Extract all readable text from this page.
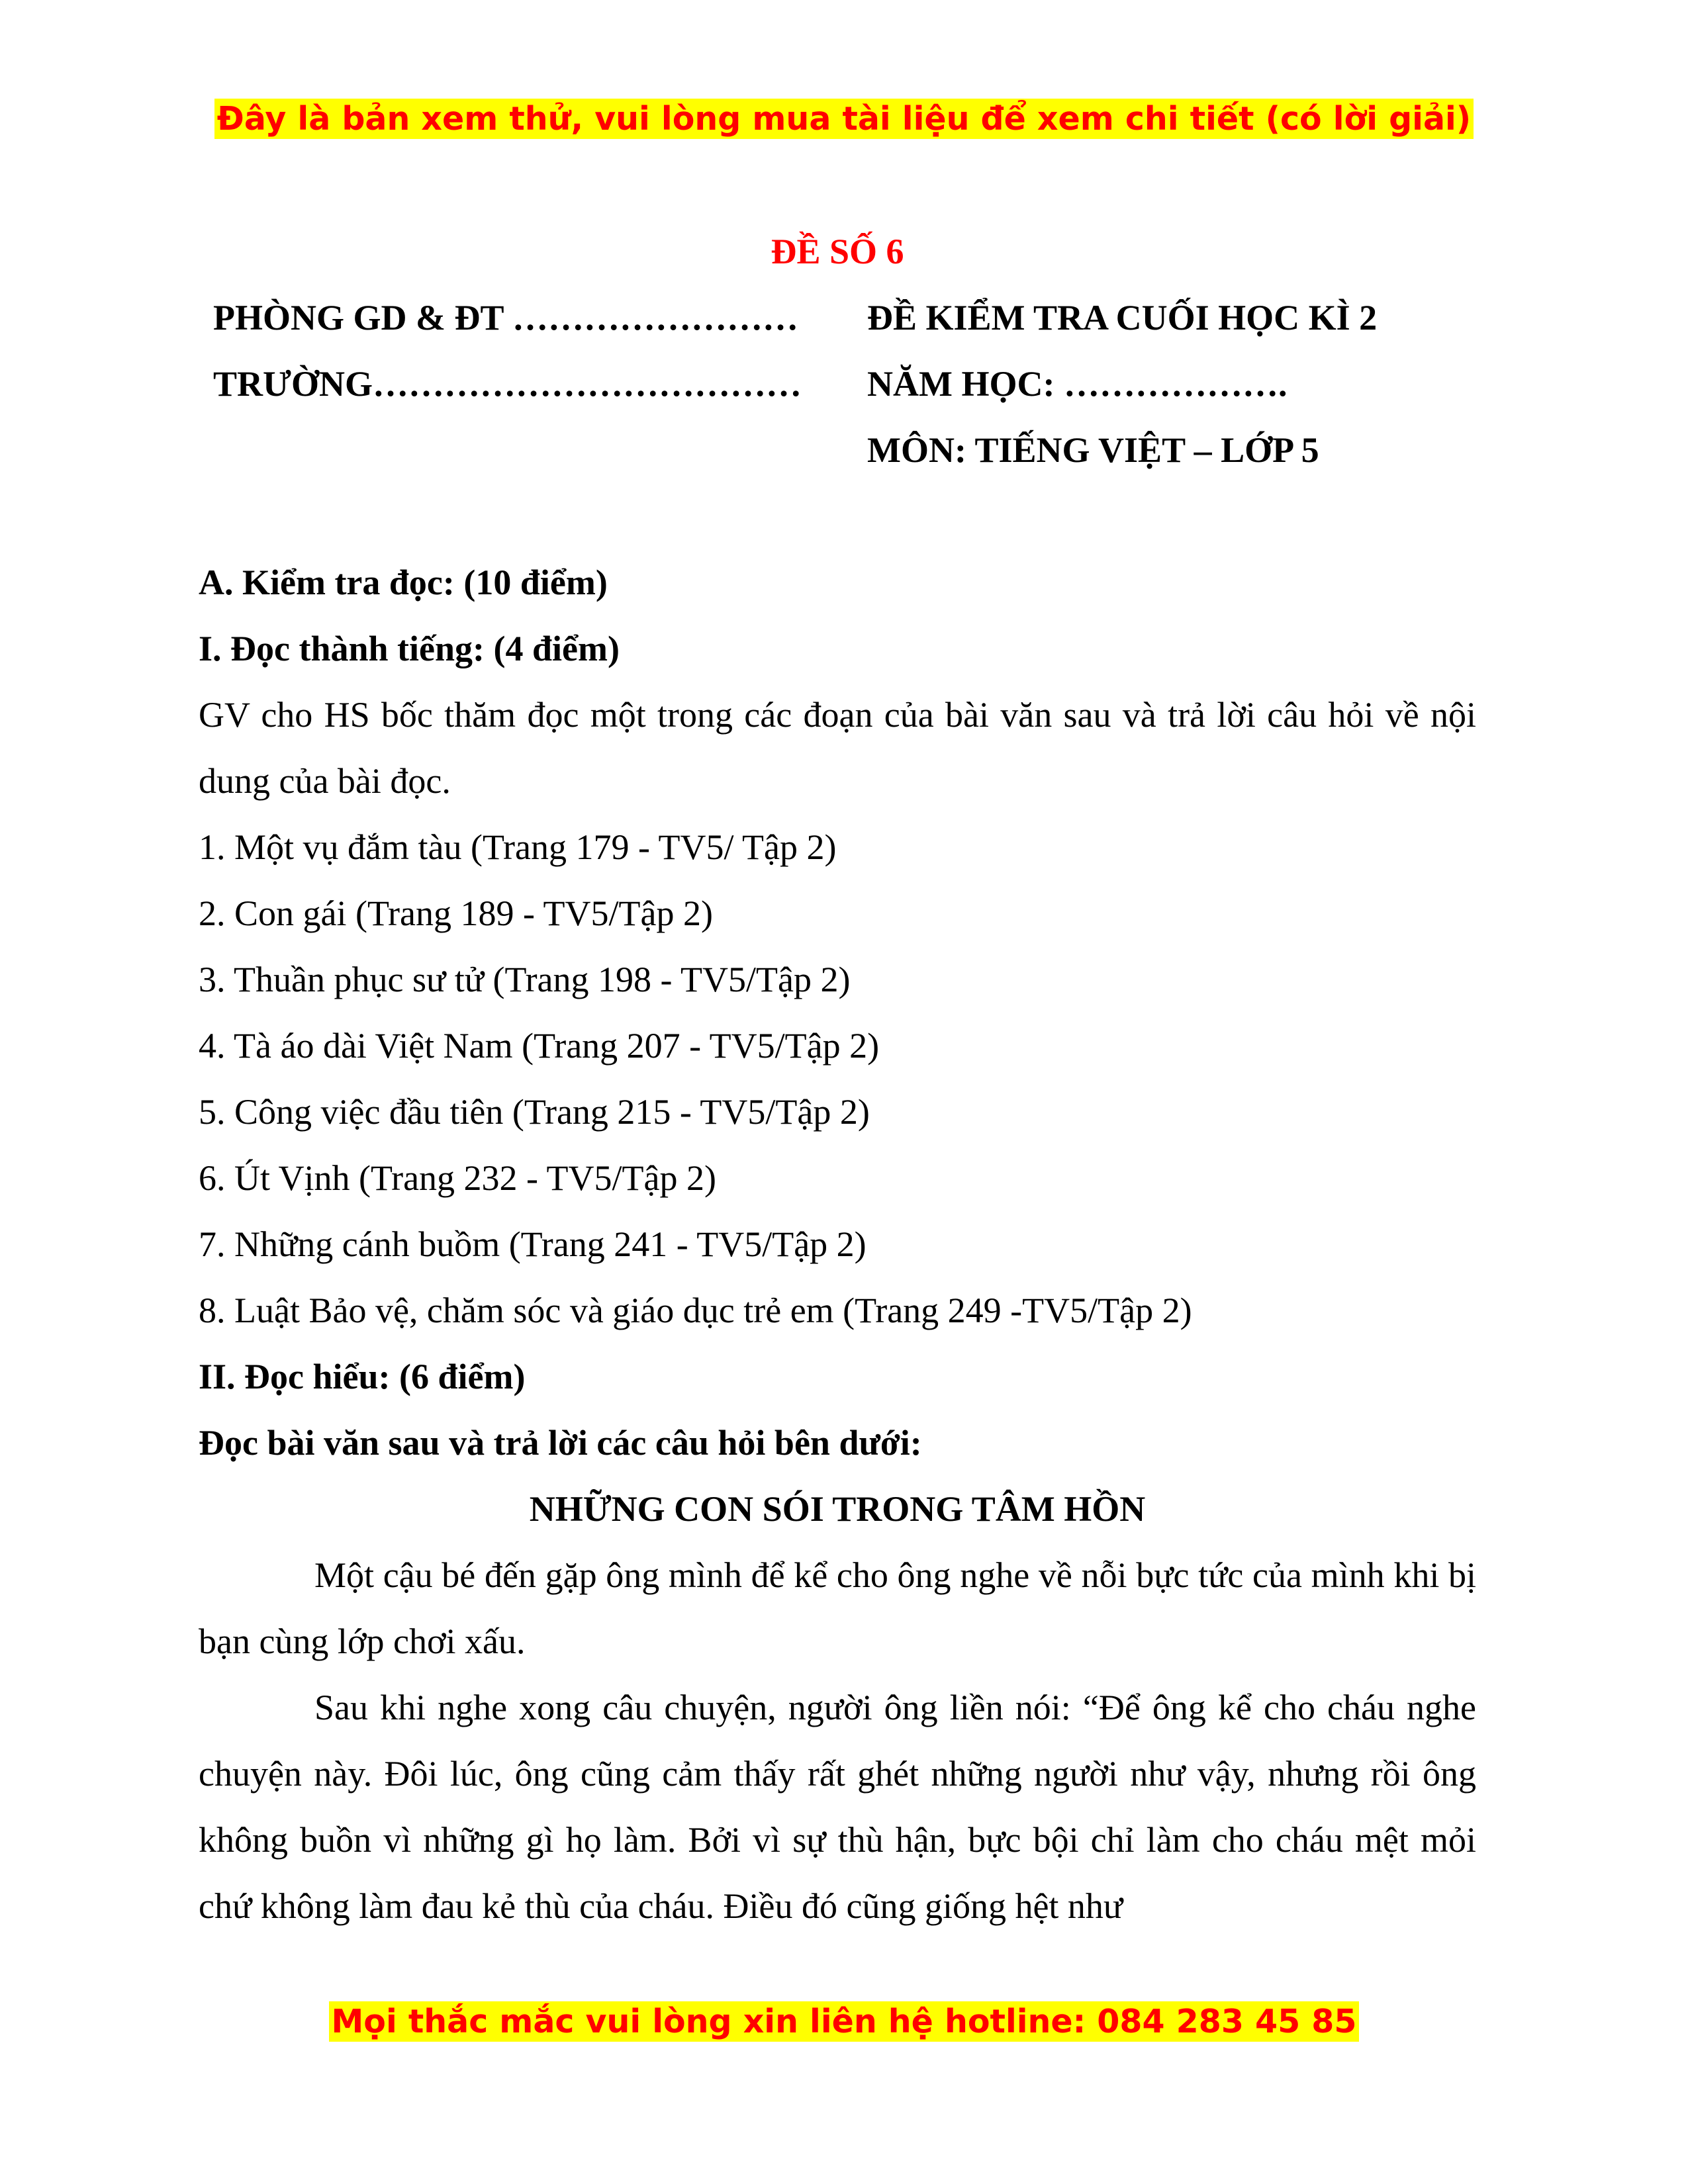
Đây là bản xem thử, vui lòng mua tài liệu để xem chi tiết (có lời giải)
ĐỀ SỐ 6
PHÒNG GD & ĐT ……………………
TRƯỜNG………………………………
ĐỀ KIỂM TRA CUỐI HỌC KÌ 2
NĂM HỌC: ……………….
MÔN: TIẾNG VIỆT – LỚP 5
A. Kiểm tra đọc: (10 điểm)
I. Đọc thành tiếng: (4 điểm)
GV cho HS bốc thăm đọc một trong các đoạn của bài văn sau và trả lời câu hỏi về nội dung của bài đọc.
1. Một vụ đắm tàu (Trang 179 - TV5/ Tập 2)
2. Con gái (Trang 189 - TV5/Tập 2)
3. Thuần phục sư tử (Trang 198 - TV5/Tập 2)
4. Tà áo dài Việt Nam (Trang 207 - TV5/Tập 2)
5. Công việc đầu tiên (Trang 215 - TV5/Tập 2)
6. Út Vịnh (Trang 232 - TV5/Tập 2)
7. Những cánh buồm (Trang 241 - TV5/Tập 2)
8. Luật Bảo vệ, chăm sóc và giáo dục trẻ em (Trang 249 -TV5/Tập 2)
II. Đọc hiểu: (6 điểm)
Đọc bài văn sau và trả lời các câu hỏi bên dưới:
NHỮNG CON SÓI TRONG TÂM HỒN
Một cậu bé đến gặp ông mình để kể cho ông nghe về nỗi bực tức của mình khi bị bạn cùng lớp chơi xấu.
Sau khi nghe xong câu chuyện, người ông liền nói: “Để ông kể cho cháu nghe chuyện này. Đôi lúc, ông cũng cảm thấy rất ghét những người như vậy, nhưng rồi ông không buồn vì những gì họ làm. Bởi vì sự thù hận, bực bội chỉ làm cho cháu mệt mỏi chứ không làm đau kẻ thù của cháu. Điều đó cũng giống hệt như
Mọi thắc mắc vui lòng xin liên hệ hotline: 084 283 45 85
